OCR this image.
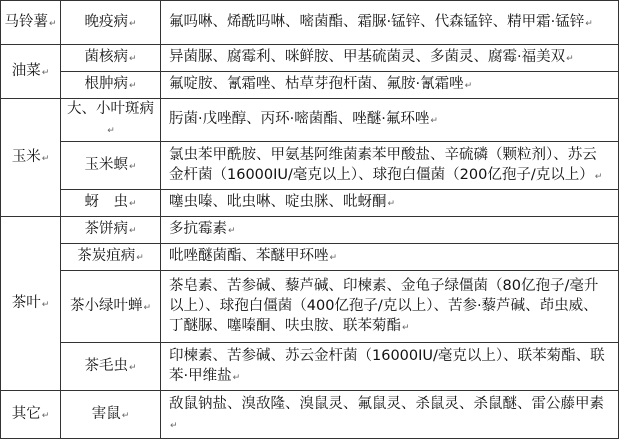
马铃薯↵	晚疫病↵	氟吗啉、烯酰吗啉、嘧菌酯、霜脲·锰锌、代森锰锌、精甲霜·锰锌↵
油菜↵	菌核病↵	异菌脲、腐霉利、咪鲜胺、甲基硫菌灵、多菌灵、腐霉·福美双↵
	根肿病↵	氟啶胺、氰霜唑、枯草芽孢杆菌、氟胺·氰霜唑↵
玉米↵	大、小叶斑病↵	肟菌·戊唑醇、丙环·嘧菌酯、唑醚·氟环唑↵
	玉米螟↵	氯虫苯甲酰胺、甲氨基阿维菌素苯甲酸盐、辛硫磷（颗粒剂）、苏云金杆菌（16000IU/毫克以上）、球孢白僵菌（200亿孢子/克以上）↵
	蚜　虫↵	噻虫嗪、吡虫啉、啶虫脒、吡蚜酮↵
茶叶↵	茶饼病↵	多抗霉素↵
	茶炭疽病↵	吡唑醚菌酯、苯醚甲环唑↵
	茶小绿叶蝉↵	茶皂素、苦参碱、藜芦碱、印楝素、金龟子绿僵菌（80亿孢子/毫升以上）、球孢白僵菌（400亿孢子/克以上）、苦参·藜芦碱、茚虫威、丁醚脲、噻嗪酮、呋虫胺、联苯菊酯↵
	茶毛虫↵	印楝素、苦参碱、苏云金杆菌（16000IU/毫克以上）、联苯菊酯、联苯·甲维盐↵
其它↵	害鼠↵	敌鼠钠盐、溴敌隆、溴鼠灵、氟鼠灵、杀鼠灵、杀鼠醚、雷公藤甲素↵
